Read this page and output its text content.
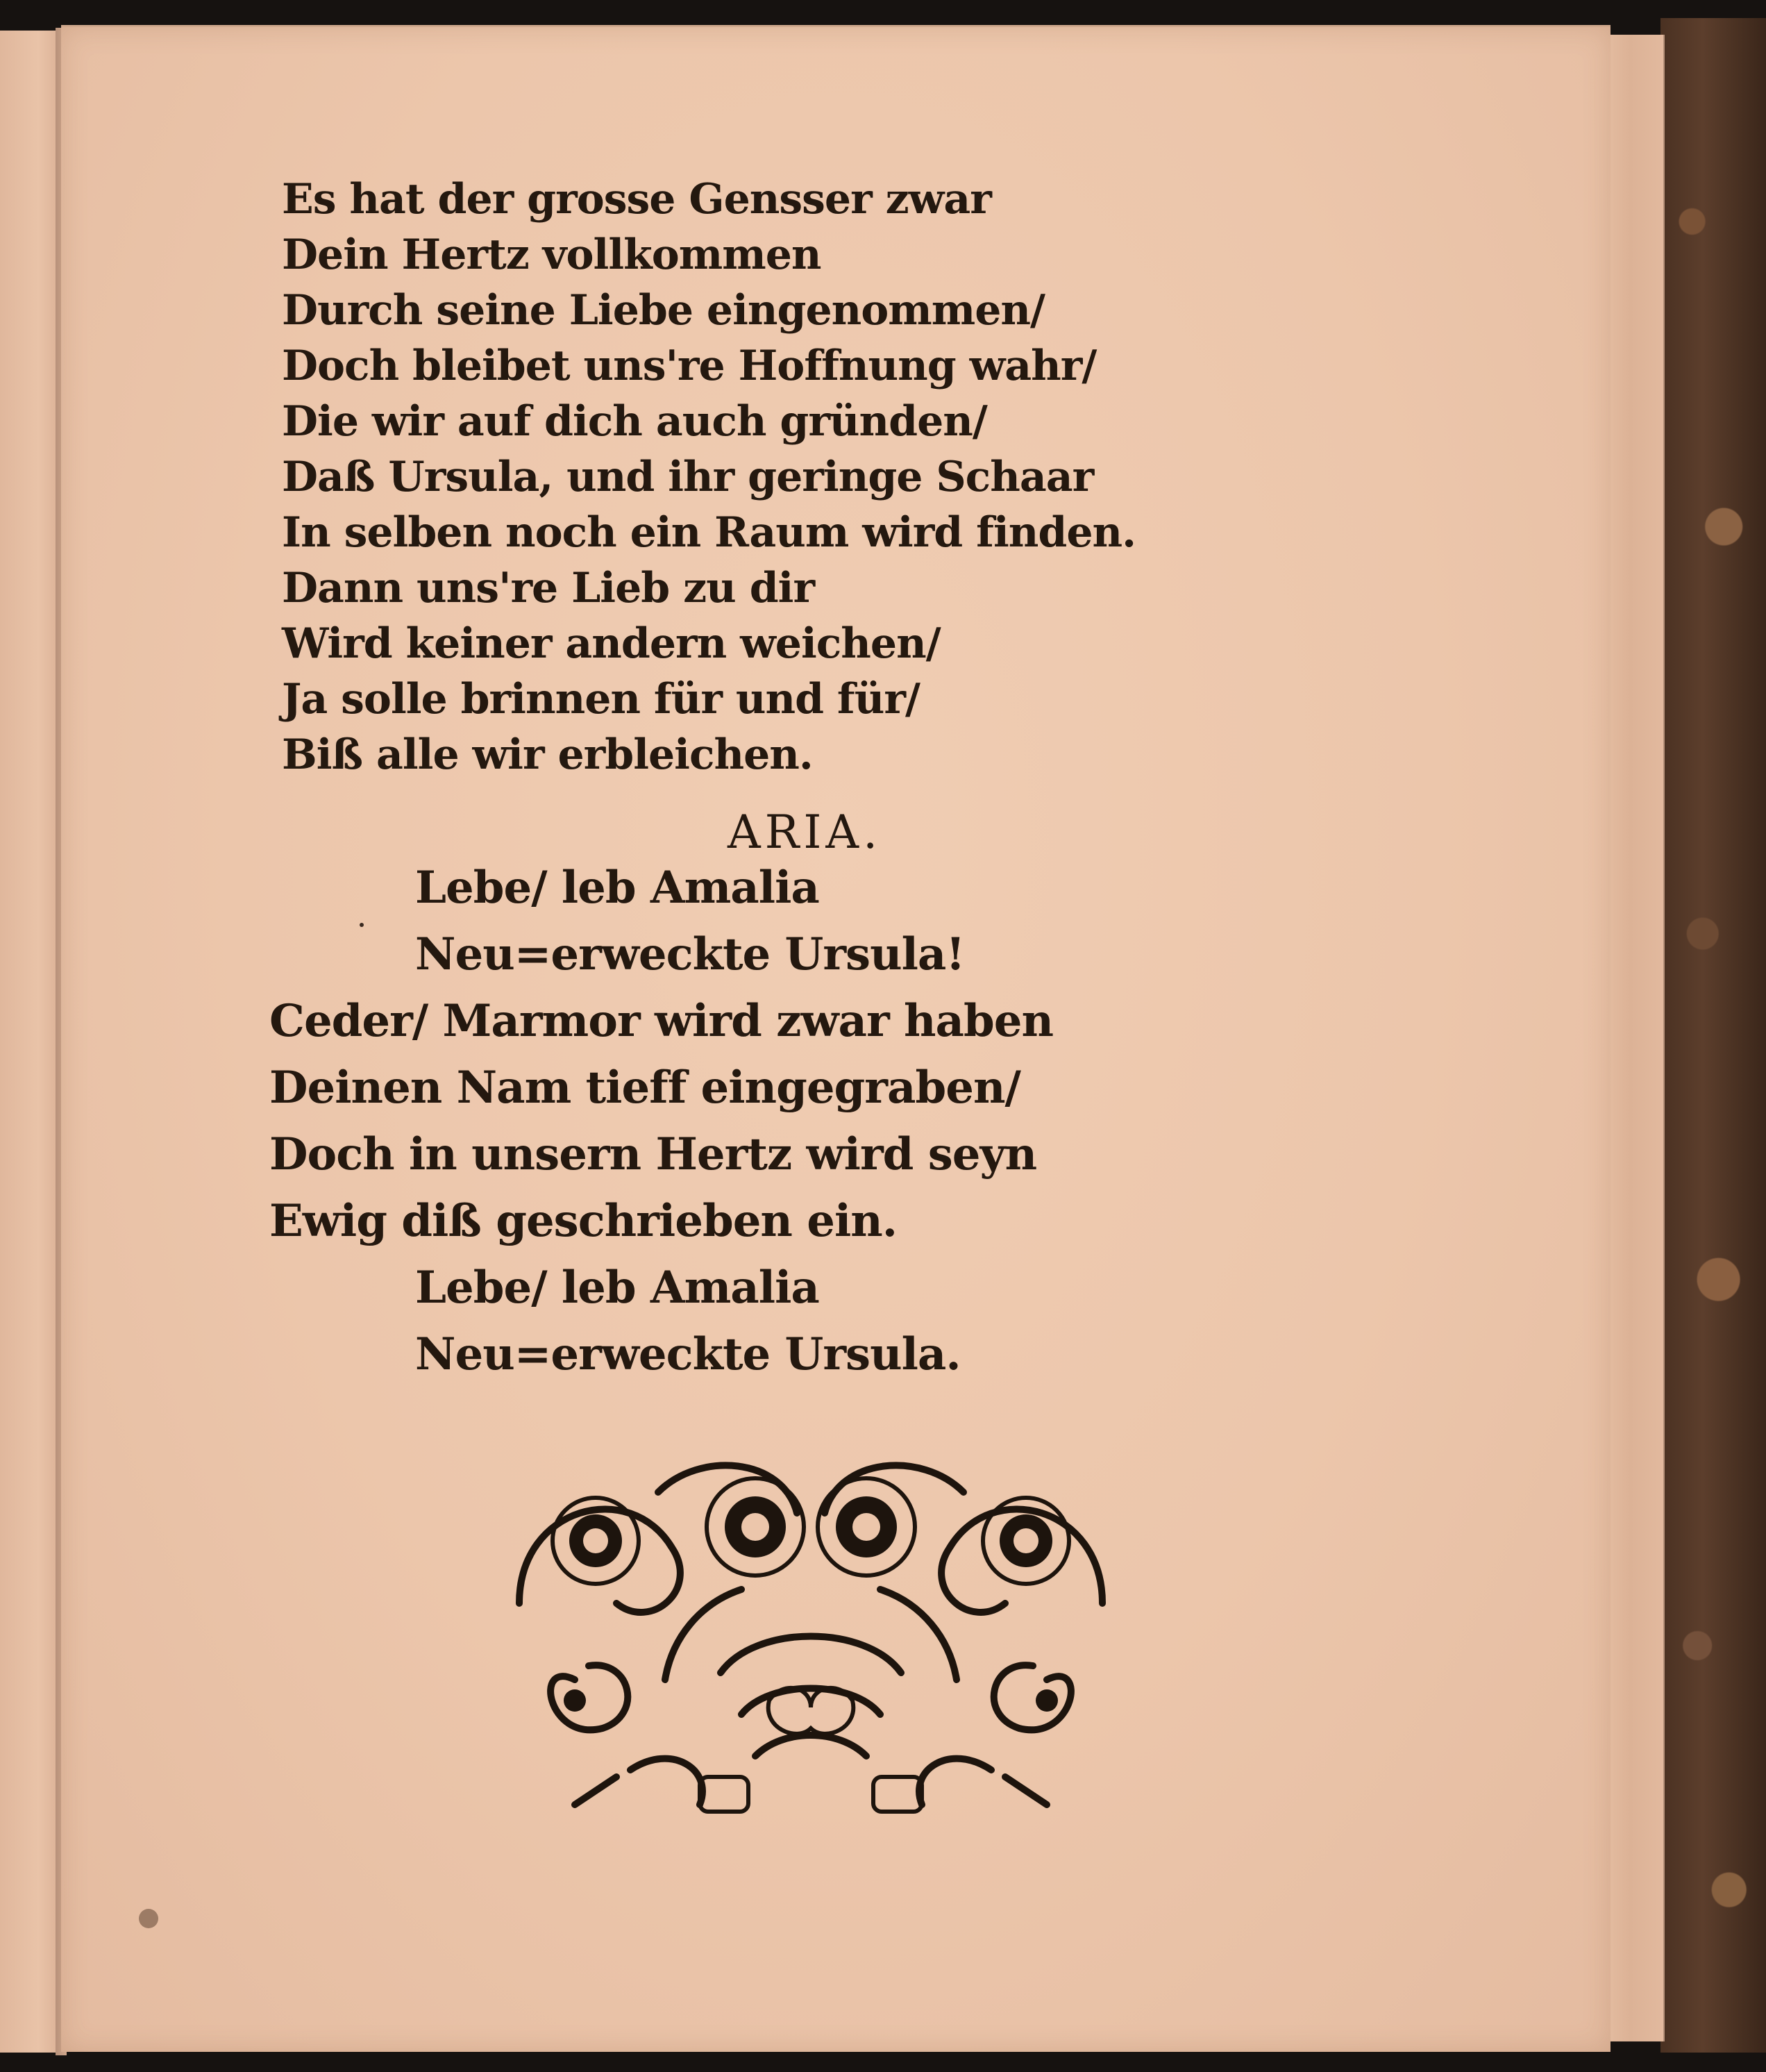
Es hat der grosse Gensser zwar
Dein Hertz vollkommen
Durch seine Liebe eingenommen/
Doch bleibet uns're Hoffnung wahr/
Die wir auf dich auch gründen/
Daß Ursula, und ihr geringe Schaar
In selben noch ein Raum wird finden.
Dann uns're Lieb zu dir
Wird keiner andern weichen/
Ja solle brinnen für und für/
Biß alle wir erbleichen.
ARIA.
Lebe/ leb Amalia
Neu=erweckte Ursula!
Ceder/ Marmor wird zwar haben
Deinen Nam tieff eingegraben/
Doch in unsern Hertz wird seyn
Ewig diß geschrieben ein.
Lebe/ leb Amalia
Neu=erweckte Ursula.
